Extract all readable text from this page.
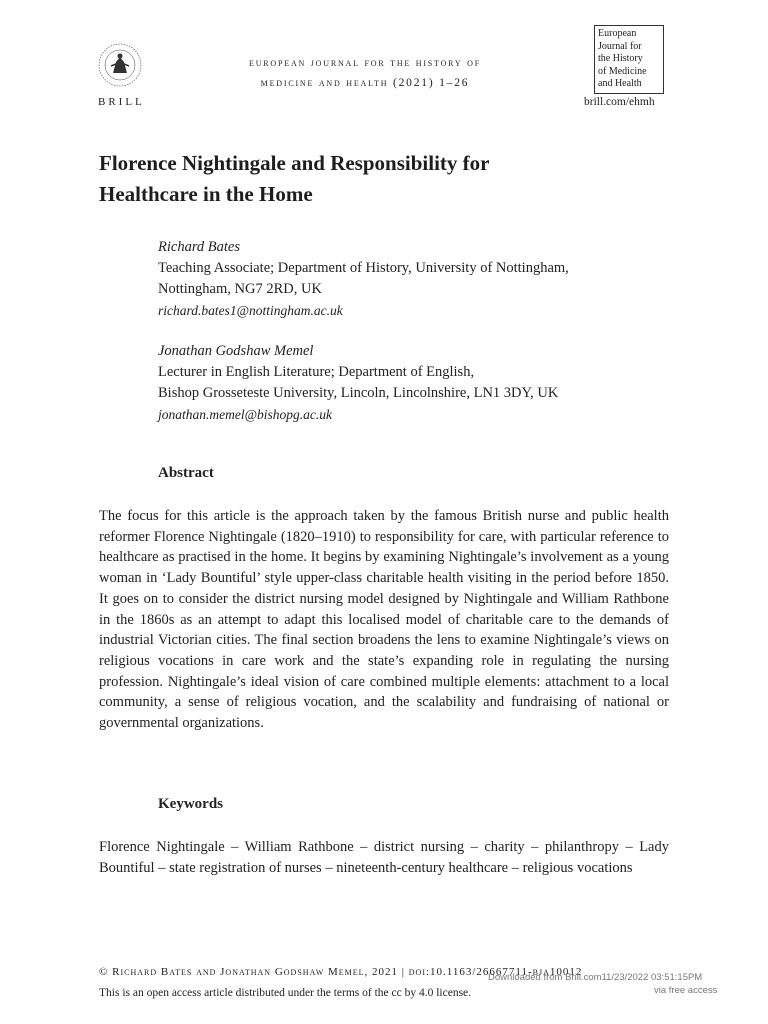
BRILL
european journal for the history of
medicine and health (2021) 1–26
European
Journal for
the History
of Medicine
and Health
brill.com/ehmh
Florence Nightingale and Responsibility for
Healthcare in the Home
Richard Bates
Teaching Associate; Department of History, University of Nottingham,
Nottingham, NG7 2RD, UK
richard.bates1@nottingham.ac.uk
Jonathan Godshaw Memel
Lecturer in English Literature; Department of English,
Bishop Grosseteste University, Lincoln, Lincolnshire, LN1 3DY, UK
jonathan.memel@bishopg.ac.uk
Abstract
The focus for this article is the approach taken by the famous British nurse and public health reformer Florence Nightingale (1820–1910) to responsibility for care, with particular reference to healthcare as practised in the home. It begins by examining Nightingale’s involvement as a young woman in ‘Lady Bountiful’ style upper-class charitable health visiting in the period before 1850. It goes on to consider the district nursing model designed by Nightingale and William Rathbone in the 1860s as an attempt to adapt this localised model of charitable care to the demands of industrial Victorian cities. The final section broadens the lens to examine Nightingale’s views on religious vocations in care work and the state’s expanding role in regulating the nursing profession. Nightingale’s ideal vision of care combined multiple elements: attachment to a local community, a sense of religious vocation, and the scalability and fundraising of national or governmental organizations.
Keywords
Florence Nightingale – William Rathbone – district nursing – charity – philanthropy – Lady Bountiful – state registration of nurses – nineteenth-century healthcare – religious vocations
© Richard Bates and Jonathan Godshaw Memel, 2021 | doi:10.1163/26667711-bja10012
This is an open access article distributed under the terms of the cc by 4.0 license.
Downloaded from Brill.com11/23/2022 03:51:15PM
via free access
